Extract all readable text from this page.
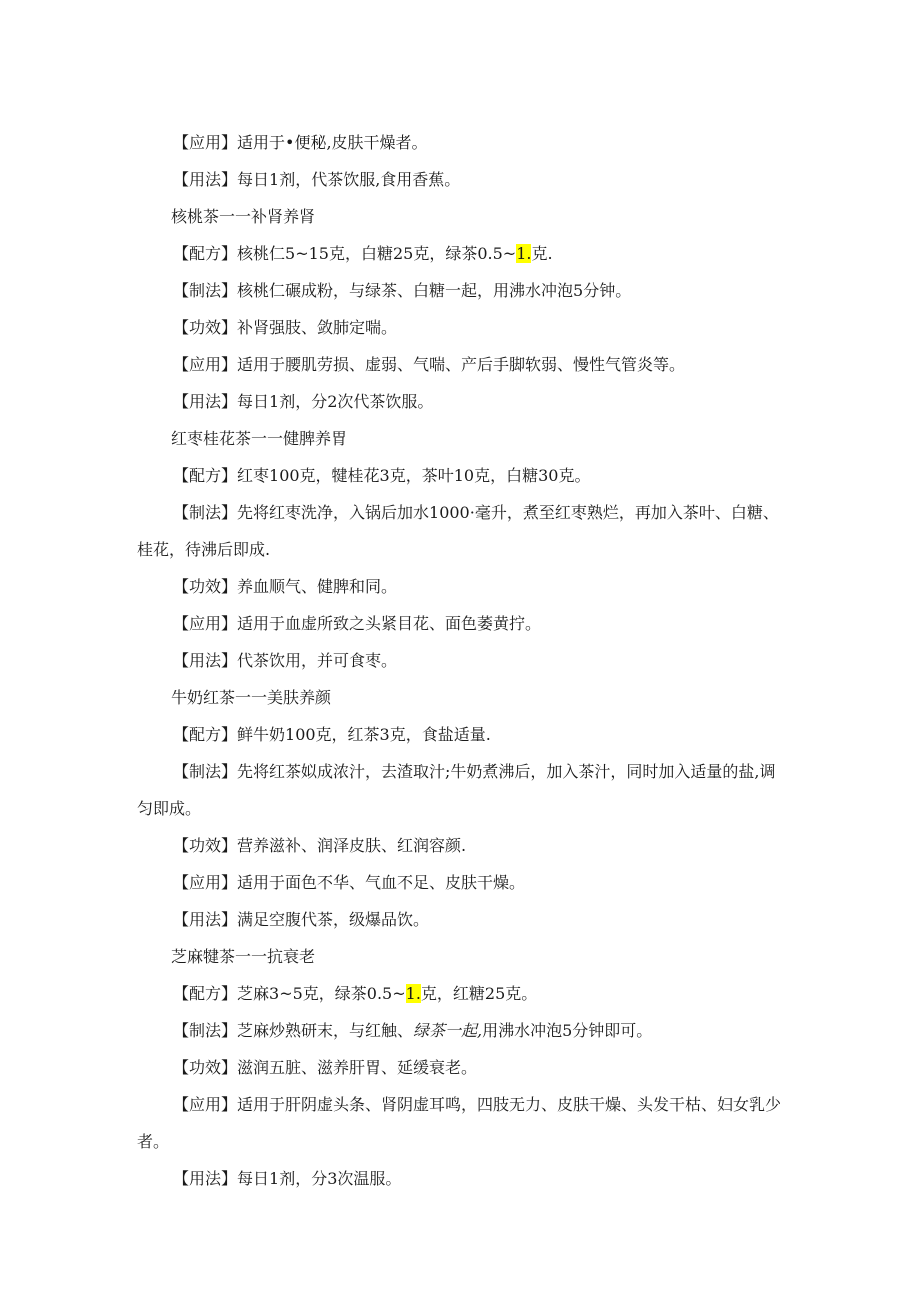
【应用】适用于•便秘,皮肤干燥者。

【用法】每日1剂，代茶饮服,食用香蕉。

核桃茶一一补肾养肾

【配方】核桃仁5~15克，白糖25克，绿茶0.5~1.克.

【制法】核桃仁碾成粉，与绿茶、白糖一起，用沸水冲泡5分钟。

【功效】补肾强肢、敛肺定喘。

【应用】适用于腰肌劳损、虚弱、气喘、产后手脚软弱、慢性气管炎等。

【用法】每日1剂，分2次代茶饮服。

红枣桂花茶一一健脾养胃

【配方】红枣100克，犍桂花3克，茶叶10克，白糖30克。

【制法】先将红枣洗净，入锅后加水1000·毫升，煮至红枣熟烂，再加入茶叶、白糖、桂花，待沸后即成.

【功效】养血顺气、健脾和同。

【应用】适用于血虚所致之头紧目花、面色萎黄拧。

【用法】代茶饮用，并可食枣。

牛奶红茶一一美肤养颜

【配方】鲜牛奶100克，红茶3克，食盐适量.

【制法】先将红茶姒成浓汁，去渣取汁;牛奶煮沸后，加入茶汁，同时加入适量的盐,调匀即成。

【功效】营养滋补、润泽皮肤、红润容颜.

【应用】适用于面色不华、气血不足、皮肤干燥。

【用法】满足空腹代茶，级爆品饮。

芝麻犍茶一一抗衰老

【配方】芝麻3~5克，绿茶0.5~1.克，红糖25克。

【制法】芝麻炒熟研末，与红触、绿茶一起,用沸水冲泡5分钟即可。

【功效】滋润五脏、滋养肝胃、延缓衰老。

【应用】适用于肝阴虚头条、肾阴虚耳鸣，四肢无力、皮肤干燥、头发干枯、妇女乳少者。

【用法】每日1剂，分3次温服。
